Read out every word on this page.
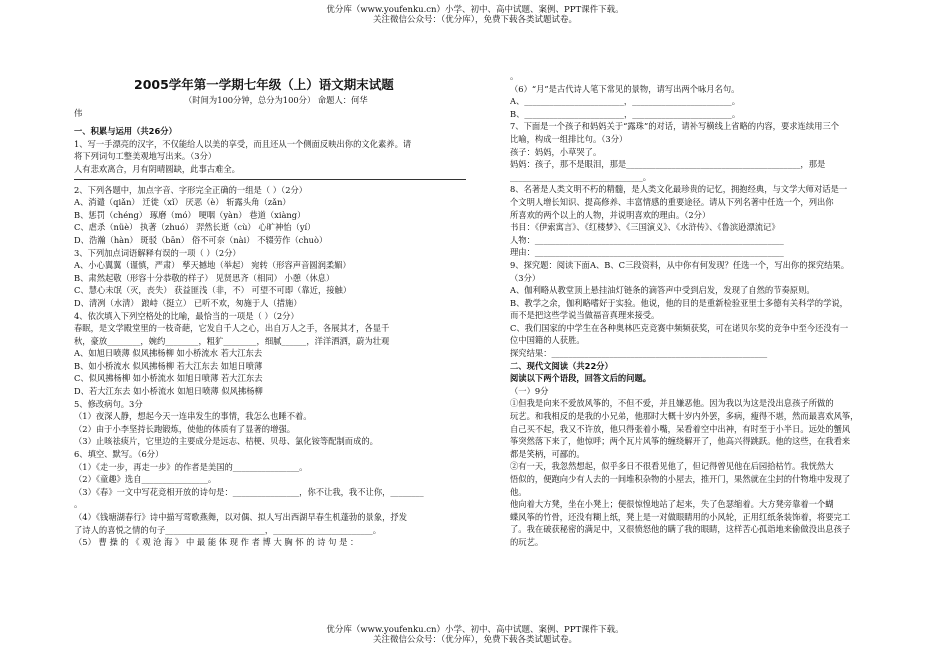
优分库（www.youfenku.cn）小学、初中、高中试题、案例、PPT课件下载。
关注微信公众号：（优分库），免费下载各类试题试卷。
2005学年第一学期七年级（上）语文期末试题
（时间为100分钟，总分为100分） 命题人：何华
伟
一、积累与运用（共26分）
1、写一手漂亮的汉字，不仅能给人以美的享受，而且还从一个侧面反映出你的文化素养。请
将下列词句工整美观地写出来。（3分）
人有悲欢离合，月有阴晴圆缺，此事古难全。
2、下列各题中，加点字音、字形完全正确的一组是（ ）（2分）
A、消谴（qiǎn） 迁徙（xǐ） 厌恶（è） 斩露头角（zǎn）
B、惩罚（chéng） 琢磨（mó） 哽咽（yàn） 巷道（xiàng）
C、虐杀（nüè） 执著（zhuó） 羿然长逝（cù） 心旷神怡（yí）
D、浩瀚（hàn） 斑驳（bān） 俗不可奈（nài） 不辍劳作（chuò）
3、下列加点词语解释有误的一项（ ）（2分）
A、小心翼翼（谨慎，严肃） 孳天撼地（举起） 宛转（形容声音圆润柔媚）
B、肃然起敬（形容十分恭敬的样子） 见贤思齐（相同） 小憩（休息）
C、慧心未氓（灭，丧失） 获益匪浅（非，不） 可望不可即（靠近，接触）
D、清冽（水清） 踉峙（挺立） 已听不欢，匆施于人（措施）
4、依次填入下列空格处的比喻，最恰当的一项是（ ）（2分）
春眠，是文学殿堂里的一枝奇葩，它发自千人之心，出自万人之手，各展其才，各显千
秋，豪放________，婉约________，粗犷________，细腻______，洋洋洒洒，蔚为壮观
A、如旭日喷薄 似风拂杨柳 如小桥流水 若大江东去
B、如小桥流水 似风拂杨柳 若大江东去 如旭日喷薄
C、似风拂杨柳 如小桥流水 如旭日喷薄 若大江东去
D、若大江东去 如小桥流水 如旭日喷薄 似风拂杨柳
5、修改病句。3分
（1）夜深人静，想起今天一连串发生的事情，我怎么也睡不着。
（2）由于小李坚持长跑锻炼，使他的体质有了显著的增强。
（3）止咳祛痰片，它里边的主要成分是远志、桔梗、贝母、氯化铵等配制而成的。
6、填空、默写。（6分）
（1）《走一步，再走一步》的作者是美国的________________。
（2）《童趣》选自________________。
（3）《春》一文中写花竞相开放的诗句是：________________，你不让我，我不让你，________
。
（4）《钱塘湖春行》诗中描写莺歌燕舞，以对偶、拟人写出西湖早春生机蓬勃的景象，抒发
了诗人的喜悦之情的句子________________________，________________________。
（5） 曹 操 的 《 观 沧 海 》 中 最 能 体 现 作 者 博 大 胸 怀 的 诗 句 是 ：
。
（6）“月”是古代诗人笔下常见的景物，请写出两个咏月名句。
A、________________________，________________________。
B、________________________，________________________。
7、下面是一个孩子和妈妈关于“露珠”的对话，请补写横线上省略的内容，要求连续用三个
比喻，构成一组排比句。（3分）
孩子：妈妈，小草哭了。
妈妈：孩子，那不是眼泪，那是__________________________________________，那是
________________________________。
8、名著是人类文明不朽的精髓，是人类文化最珍贵的记忆，拥抱经典，与文学大师对话是一
个文明人增长知识、提高修养、丰富情感的重要途径。请从下列名著中任选一个，列出你
所喜欢的两个以上的人物，并说明喜欢的理由。（2分）
书目：《伊索寓言》、《红楼梦》、《三国演义》、《水浒传》、《鲁滨逊漂流记》
人物：____________________________________________________________
理由：____________________________________________________________
9、探究题：阅读下面A、B、C三段资料，从中你有何发现？任选一个，写出你的探究结果。
（3分）
A、伽利略从教堂顶上悬挂油灯链条的滴答声中受到启发，发现了自然的节奏原则。
B、教学之余，伽利略嗜好于实验。他说，他的目的是重新检验亚里士多德有关科学的学说，
而不是把这些学说当做福音真理来接受。
C、我们国家的中学生在各种奥林匹克竞赛中频频获奖，可在诺贝尔奖的竞争中至今还没有一
位中国籍的人获胜。
探究结果：____________________________________________________
二、现代文阅读（共22分）
阅读以下两个语段，回答文后的问题。
（一）9分
①但我是向来不爱放风筝的，不但不爱，并且嫌恶他。因为我以为这是没出息孩子所做的
玩艺。和我相反的是我的小兄弟，他那时大概十岁内外罢，多病，瘦得不堪，然而最喜欢风筝，
自己买不起，我又不许放，他只得张着小嘴，呆看着空中出神，有时至于小半日。远处的蟹风
筝突然落下来了，他惊呼；两个瓦片风筝的缠绕解开了，他高兴得跳跃。他的这些，在我看来
都是笑柄，可鄙的。
②有一天，我忽然想起，似乎多日不很看见他了，但记得曾见他在后园拾枯竹。我恍然大
悟似的，便跑向少有人去的一间堆积杂物的小屋去，推开门，果然就在尘封的什物堆中发现了
他。
他向着大方凳，坐在小凳上；便很惊惶地站了起来，失了色瑟缩着。大方凳旁靠着一个蝴
蝶风筝的竹骨，还没有糊上纸，凳上是一对做眼睛用的小风轮，正用红纸条装饰着，将要完工
了。我在破获秘密的满足中，又很愤怒他的瞒了我的眼睛，这样苦心孤诣地来偷做没出息孩子
的玩艺。
优分库（www.youfenku.cn）小学、初中、高中试题、案例、PPT课件下载。
关注微信公众号：（优分库），免费下载各类试题试卷。
